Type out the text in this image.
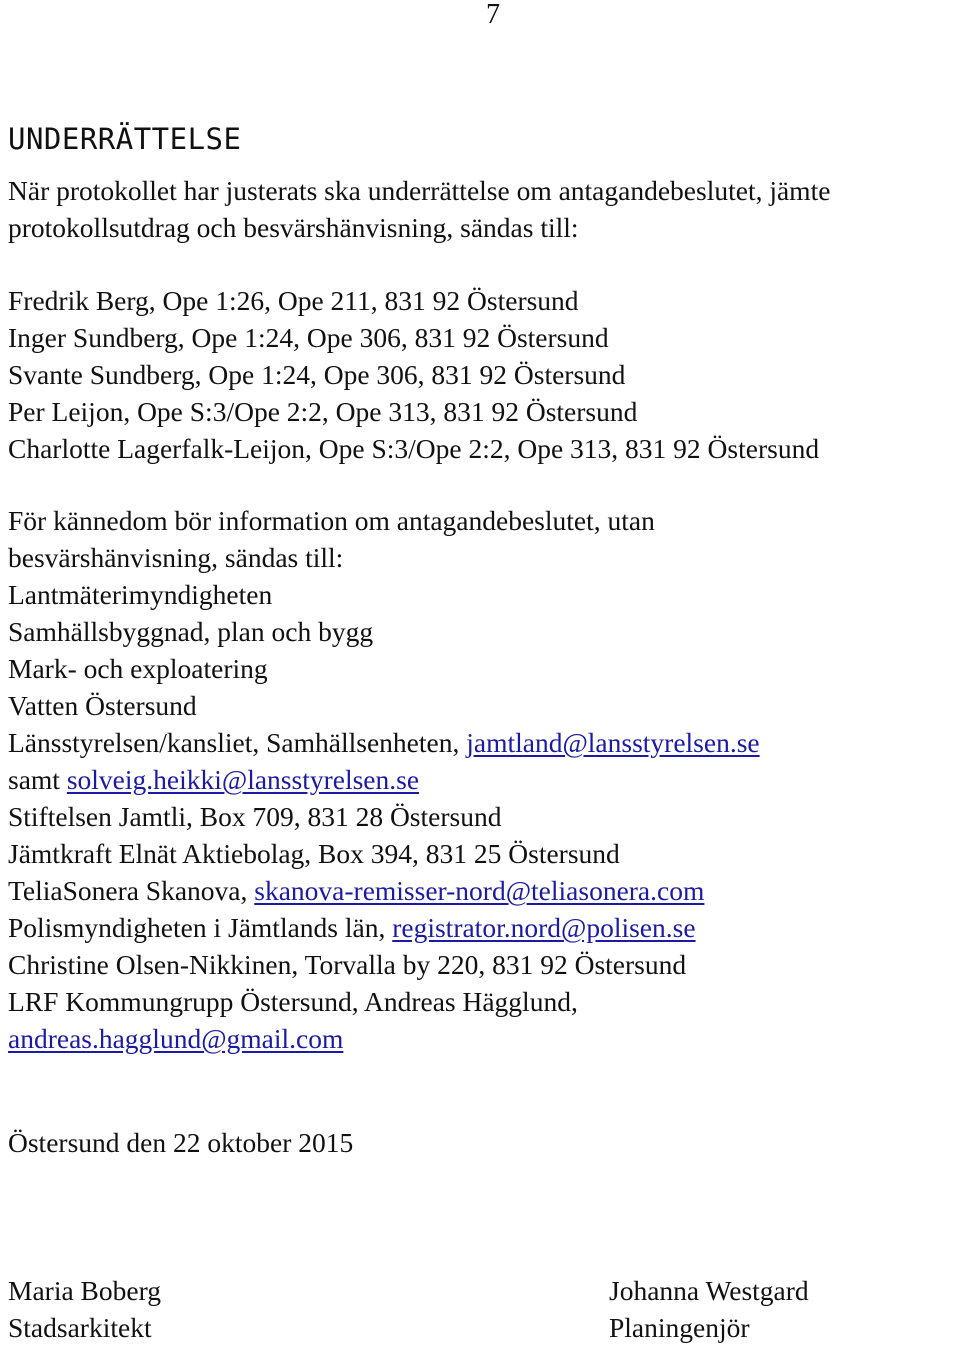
7
UNDERRÄTTELSE
När protokollet har justerats ska underrättelse om antagandebeslutet, jämte
protokollsutdrag och besvärshänvisning, sändas till:
Fredrik Berg, Ope 1:26, Ope 211, 831 92 Östersund
Inger Sundberg, Ope 1:24, Ope 306, 831 92 Östersund
Svante Sundberg, Ope 1:24, Ope 306, 831 92 Östersund
Per Leijon, Ope S:3/Ope 2:2, Ope 313, 831 92 Östersund
Charlotte Lagerfalk-Leijon, Ope S:3/Ope 2:2, Ope 313, 831 92 Östersund
För kännedom bör information om antagandebeslutet, utan
besvärshänvisning, sändas till:
Lantmäterimyndigheten
Samhällsbyggnad, plan och bygg
Mark- och exploatering
Vatten Östersund
Länsstyrelsen/kansliet, Samhällsenheten, jamtland@lansstyrelsen.se
samt solveig.heikki@lansstyrelsen.se
Stiftelsen Jamtli, Box 709, 831 28 Östersund
Jämtkraft Elnät Aktiebolag, Box 394, 831 25 Östersund
TeliaSonera Skanova, skanova-remisser-nord@teliasonera.com
Polismyndigheten i Jämtlands län, registrator.nord@polisen.se
Christine Olsen-Nikkinen, Torvalla by 220, 831 92 Östersund
LRF Kommungrupp Östersund, Andreas Hägglund,
andreas.hagglund@gmail.com
Östersund den 22 oktober 2015
Maria Boberg
Stadsarkitekt
Johanna Westgard
Planingenjör
